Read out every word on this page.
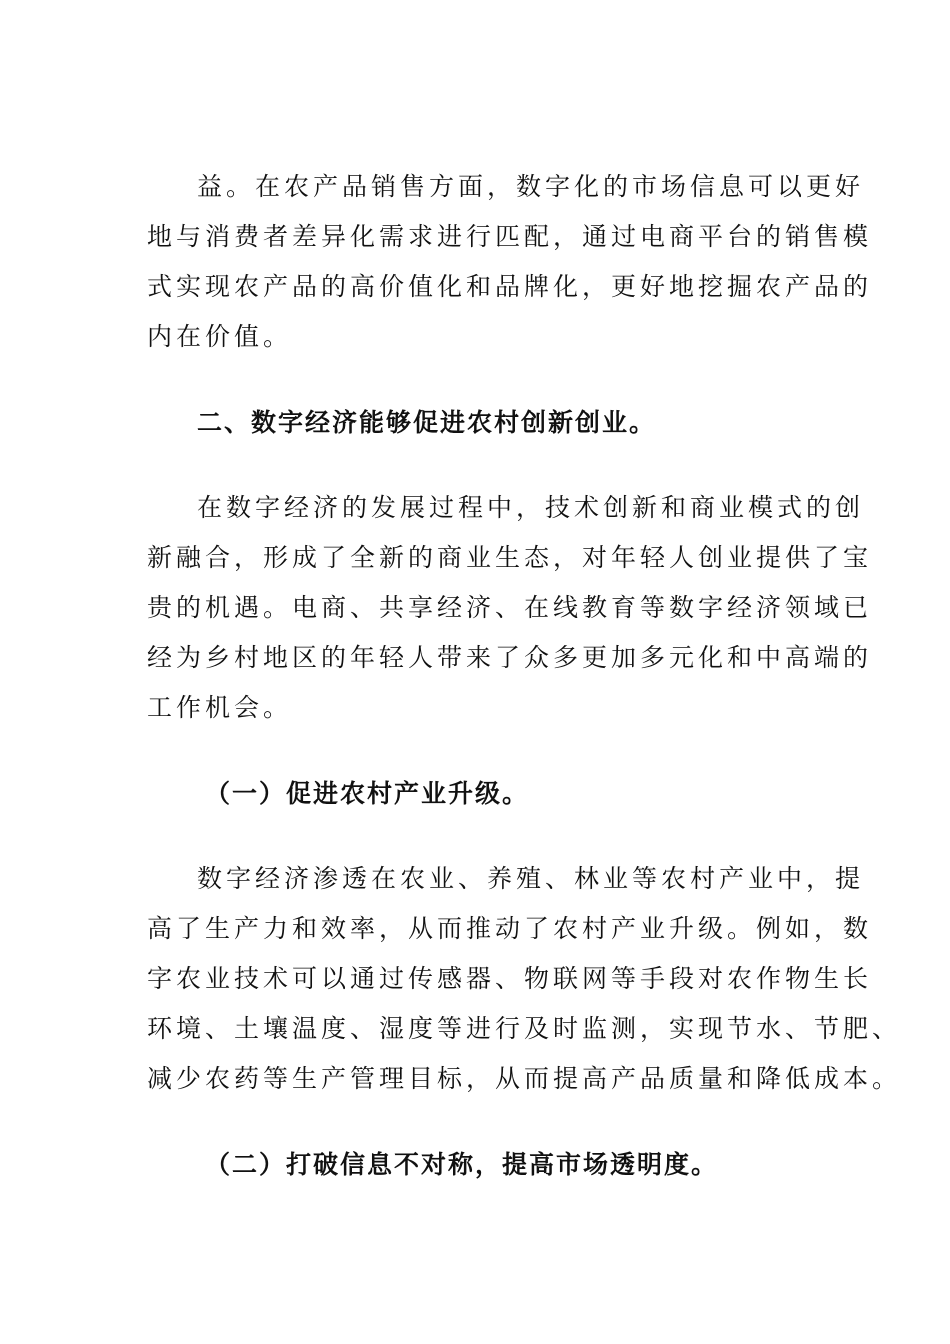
益。在农产品销售方面，数字化的市场信息可以更好
地与消费者差异化需求进行匹配，通过电商平台的销售模
式实现农产品的高价值化和品牌化，更好地挖掘农产品的
内在价值。
二、数字经济能够促进农村创新创业。
在数字经济的发展过程中，技术创新和商业模式的创
新融合，形成了全新的商业生态，对年轻人创业提供了宝
贵的机遇。电商、共享经济、在线教育等数字经济领域已
经为乡村地区的年轻人带来了众多更加多元化和中高端的
工作机会。
（一）促进农村产业升级。
数字经济渗透在农业、养殖、林业等农村产业中，提
高了生产力和效率，从而推动了农村产业升级。例如，数
字农业技术可以通过传感器、物联网等手段对农作物生长
环境、土壤温度、湿度等进行及时监测，实现节水、节肥、
减少农药等生产管理目标，从而提高产品质量和降低成本。
（二）打破信息不对称，提高市场透明度。
